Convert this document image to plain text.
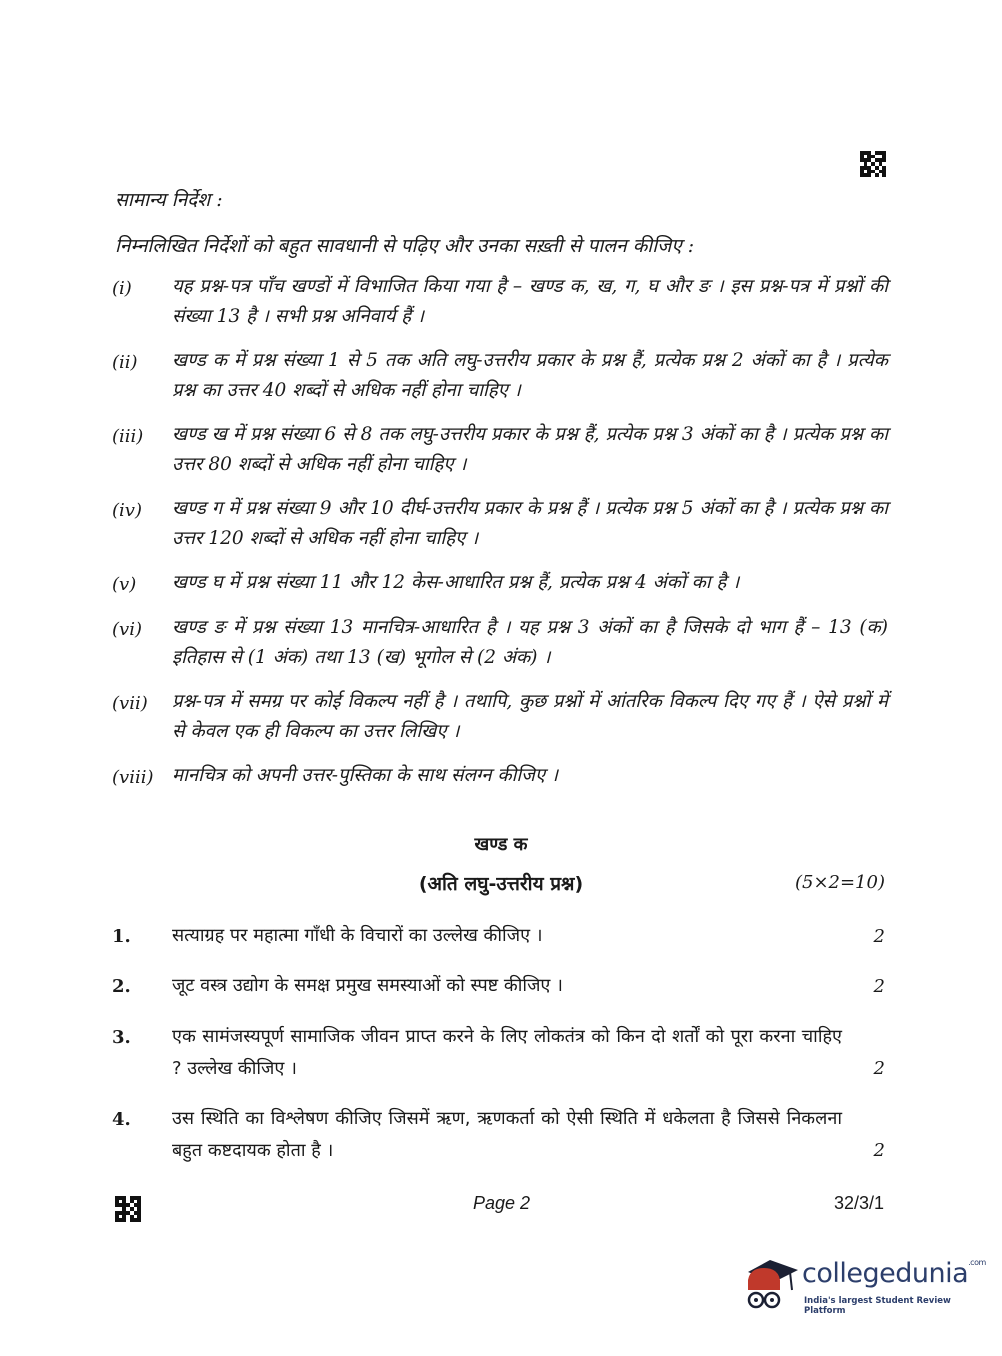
सामान्य निर्देश :
निम्नलिखित निर्देशों को बहुत सावधानी से पढ़िए और उनका सख़्ती से पालन कीजिए :
(i) यह प्रश्न-पत्र पाँच खण्डों में विभाजित किया गया है – खण्ड क, ख, ग, घ और ङ । इस प्रश्न-पत्र में प्रश्नों की संख्या 13 है । सभी प्रश्न अनिवार्य हैं ।
(ii) खण्ड क में प्रश्न संख्या 1 से 5 तक अति लघु-उत्तरीय प्रकार के प्रश्न हैं, प्रत्येक प्रश्न 2 अंकों का है । प्रत्येक प्रश्न का उत्तर 40 शब्दों से अधिक नहीं होना चाहिए ।
(iii) खण्ड ख में प्रश्न संख्या 6 से 8 तक लघु-उत्तरीय प्रकार के प्रश्न हैं, प्रत्येक प्रश्न 3 अंकों का है । प्रत्येक प्रश्न का उत्तर 80 शब्दों से अधिक नहीं होना चाहिए ।
(iv) खण्ड ग में प्रश्न संख्या 9 और 10 दीर्घ-उत्तरीय प्रकार के प्रश्न हैं । प्रत्येक प्रश्न 5 अंकों का है । प्रत्येक प्रश्न का उत्तर 120 शब्दों से अधिक नहीं होना चाहिए ।
(v) खण्ड घ में प्रश्न संख्या 11 और 12 केस-आधारित प्रश्न हैं, प्रत्येक प्रश्न 4 अंकों का है ।
(vi) खण्ड ङ में प्रश्न संख्या 13 मानचित्र-आधारित है । यह प्रश्न 3 अंकों का है जिसके दो भाग हैं – 13 (क) इतिहास से (1 अंक) तथा 13 (ख) भूगोल से (2 अंक) ।
(vii) प्रश्न-पत्र में समग्र पर कोई विकल्प नहीं है । तथापि, कुछ प्रश्नों में आंतरिक विकल्प दिए गए हैं । ऐसे प्रश्नों में से केवल एक ही विकल्प का उत्तर लिखिए ।
(viii) मानचित्र को अपनी उत्तर-पुस्तिका के साथ संलग्न कीजिए ।
खण्ड क
(अति लघु-उत्तरीय प्रश्न)	(5×2=10)
1. सत्याग्रह पर महात्मा गाँधी के विचारों का उल्लेख कीजिए ।	2
2. जूट वस्त्र उद्योग के समक्ष प्रमुख समस्याओं को स्पष्ट कीजिए ।	2
3. एक सामंजस्यपूर्ण सामाजिक जीवन प्राप्त करने के लिए लोकतंत्र को किन दो शर्तों को पूरा करना चाहिए ? उल्लेख कीजिए ।	2
4. उस स्थिति का विश्लेषण कीजिए जिसमें ऋण, ऋणकर्ता को ऐसी स्थिति में धकेलता है जिससे निकलना बहुत कष्टदायक होता है ।	2
Page 2	32/3/1
collegedunia$^{.com}$
India's largest Student Review Platform
